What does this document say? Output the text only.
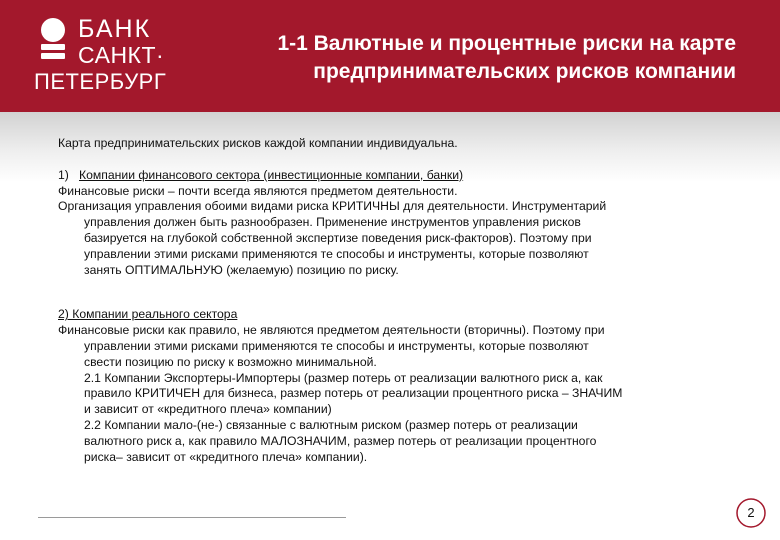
БАНК
САНКТ·
ПЕТЕРБУРГ
1-1 Валютные и процентные риски на карте
предпринимательских рисков компании

Карта предпринимательских рисков каждой компании индивидуальна.

1) Компании финансового сектора (инвестиционные компании, банки)

Финансовые риски – почти всегда являются предметом деятельности.

Организация управления обоими видами риска КРИТИЧНЫ для деятельности. Инструментарий

управления должен быть разнообразен. Применение инструментов управления рисков

базируется на глубокой собственной экспертизе поведения риск-факторов). Поэтому при

управлении этими рисками применяются те способы и инструменты, которые позволяют

занять ОПТИМАЛЬНУЮ (желаемую) позицию по риску.

2) Компании реального сектора

Финансовые риски как правило, не являются предметом деятельности (вторичны). Поэтому при

управлении этими рисками применяются те способы и инструменты, которые позволяют

свести позицию по риску к возможно минимальной.

2.1 Компании Экспортеры-Импортеры (размер потерь от реализации валютного риск а, как

правило КРИТИЧЕН для бизнеса, размер потерь от реализации процентного риска – ЗНАЧИМ

и зависит от «кредитного плеча» компании)

2.2 Компании мало-(не-) связанные с валютным риском (размер потерь от реализации

валютного риск а, как правило МАЛОЗНАЧИМ, размер потерь от реализации процентного

риска– зависит от «кредитного плеча» компании).

2
